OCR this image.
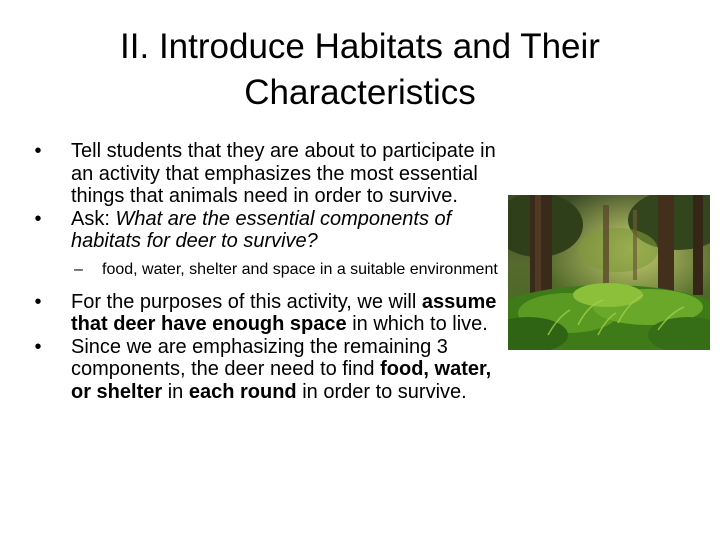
II. Introduce Habitats and Their
Characteristics

•	Tell students that they are about to participate in an activity that emphasizes the most essential things that animals need in order to survive.

•	Ask: What are the essential components of habitats for deer to survive?

– food, water, shelter and space in a suitable environment

•	For the purposes of this activity, we will assume that deer have enough space in which to live.

•	Since we are emphasizing the remaining 3 components, the deer need to find food, water, or shelter in each round in order to survive.
